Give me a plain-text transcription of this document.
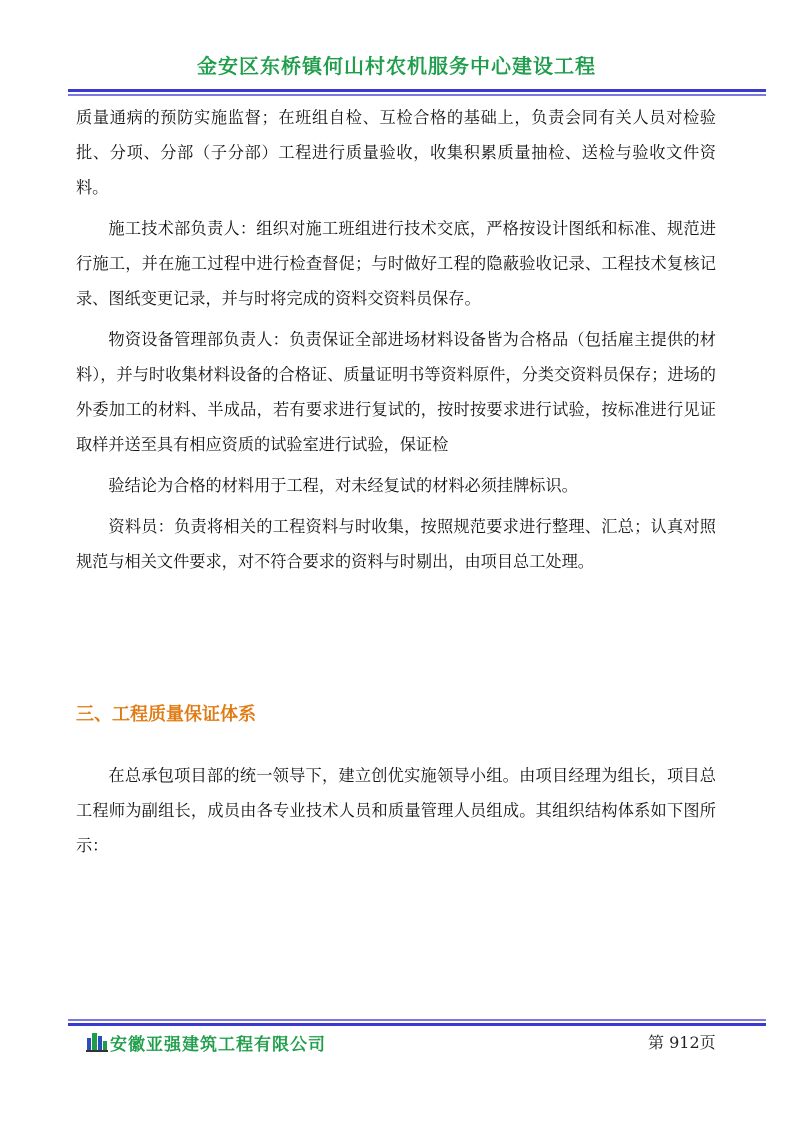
金安区东桥镇何山村农机服务中心建设工程

质量通病的预防实施监督；在班组自检、互检合格的基础上，负责会同有关人员对检验批、分项、分部（子分部）工程进行质量验收，收集积累质量抽检、送检与验收文件资料。

施工技术部负责人：组织对施工班组进行技术交底，严格按设计图纸和标准、规范进行施工，并在施工过程中进行检查督促；与时做好工程的隐蔽验收记录、工程技术复核记录、图纸变更记录，并与时将完成的资料交资料员保存。

物资设备管理部负责人：负责保证全部进场材料设备皆为合格品（包括雇主提供的材料），并与时收集材料设备的合格证、质量证明书等资料原件，分类交资料员保存；进场的外委加工的材料、半成品，若有要求进行复试的，按时按要求进行试验，按标准进行见证取样并送至具有相应资质的试验室进行试验，保证检

验结论为合格的材料用于工程，对未经复试的材料必须挂牌标识。

资料员：负责将相关的工程资料与时收集，按照规范要求进行整理、汇总；认真对照规范与相关文件要求，对不符合要求的资料与时剔出，由项目总工处理。

三、工程质量保证体系

在总承包项目部的统一领导下，建立创优实施领导小组。由项目经理为组长，项目总工程师为副组长，成员由各专业技术人员和质量管理人员组成。其组织结构体系如下图所示：

安徽亚强建筑工程有限公司	第 912页
